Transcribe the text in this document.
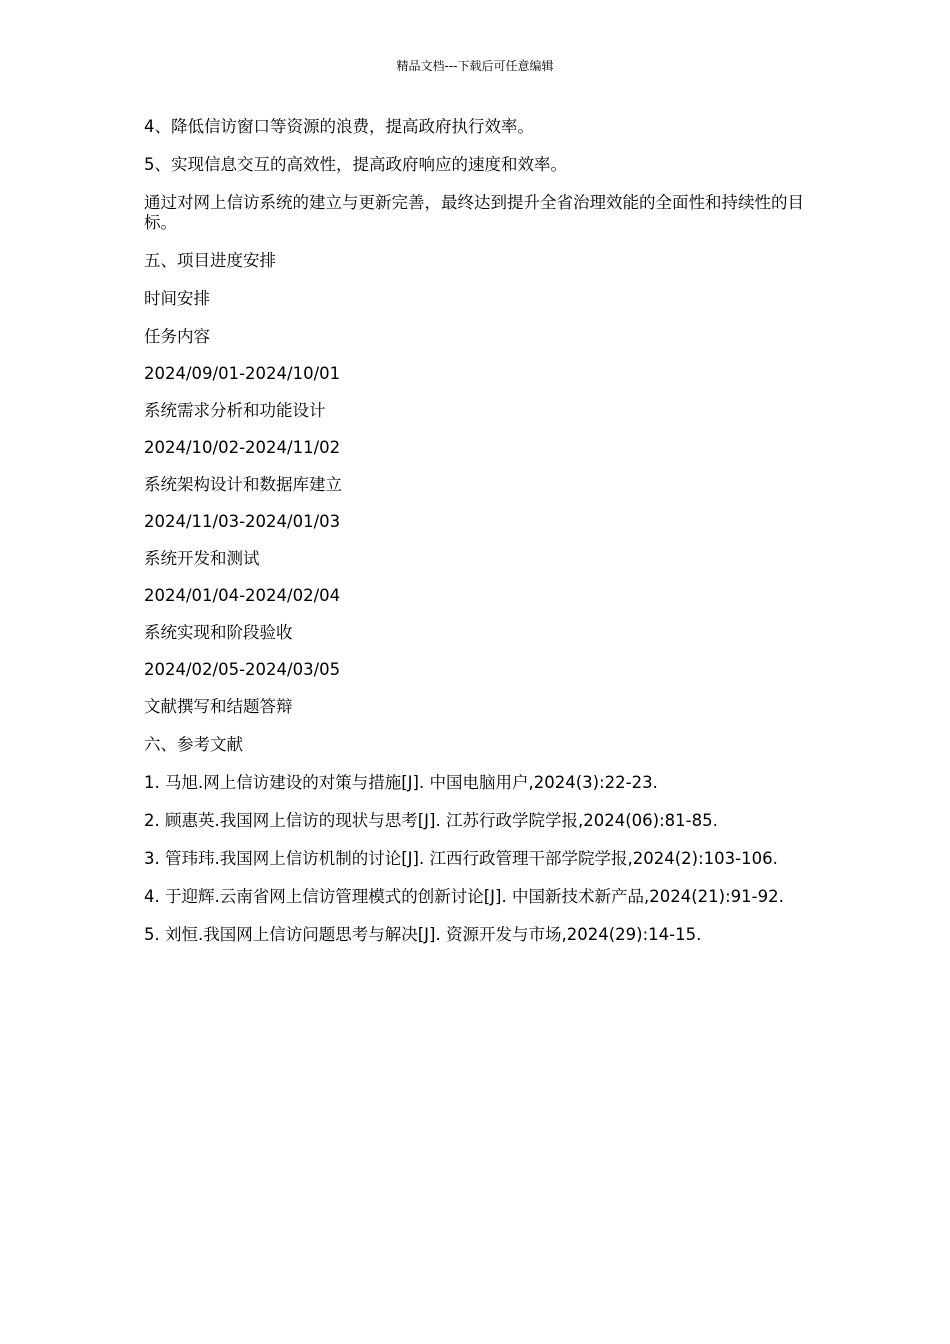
精品文档---下载后可任意编辑

4、降低信访窗口等资源的浪费，提高政府执行效率。

5、实现信息交互的高效性，提高政府响应的速度和效率。

通过对网上信访系统的建立与更新完善，最终达到提升全省治理效能的全面性和持续性的目标。

五、项目进度安排

时间安排

任务内容

2024/09/01-2024/10/01

系统需求分析和功能设计

2024/10/02-2024/11/02

系统架构设计和数据库建立

2024/11/03-2024/01/03

系统开发和测试

2024/01/04-2024/02/04

系统实现和阶段验收

2024/02/05-2024/03/05

文献撰写和结题答辩

六、参考文献

1. 马旭.网上信访建设的对策与措施[J]. 中国电脑用户,2024(3):22-23.

2. 顾惠英.我国网上信访的现状与思考[J]. 江苏行政学院学报,2024(06):81-85.

3. 管玮玮.我国网上信访机制的讨论[J]. 江西行政管理干部学院学报,2024(2):103-106.

4. 于迎辉.云南省网上信访管理模式的创新讨论[J]. 中国新技术新产品,2024(21):91-92.

5. 刘恒.我国网上信访问题思考与解决[J]. 资源开发与市场,2024(29):14-15.
